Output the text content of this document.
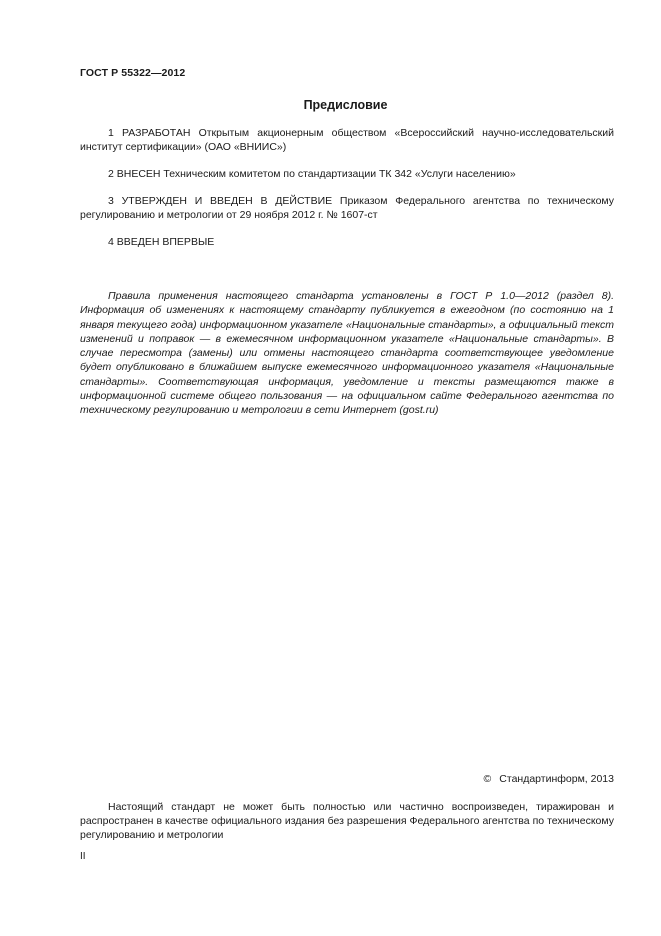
ГОСТ Р 55322—2012
Предисловие
1 РАЗРАБОТАН Открытым акционерным обществом «Всероссийский научно-исследовательский институт сертификации» (ОАО «ВНИИС»)
2 ВНЕСЕН Техническим комитетом по стандартизации ТК 342 «Услуги населению»
3 УТВЕРЖДЕН И ВВЕДЕН В ДЕЙСТВИЕ Приказом Федерального агентства по техническому регулированию и метрологии от 29 ноября 2012 г. № 1607-ст
4 ВВЕДЕН ВПЕРВЫЕ
Правила применения настоящего стандарта установлены в ГОСТ Р 1.0—2012 (раздел 8). Информация об изменениях к настоящему стандарту публикуется в ежегодном (по состоянию на 1 января текущего года) информационном указателе «Национальные стандарты», а официальный текст изменений и поправок — в ежемесячном информационном указателе «Национальные стандарты». В случае пересмотра (замены) или отмены настоящего стандарта соответствующее уведомление будет опубликовано в ближайшем выпуске ежемесячного информационного указателя «Национальные стандарты». Соответствующая информация, уведомление и тексты размещаются также в информационной системе общего пользования — на официальном сайте Федерального агентства по техническому регулированию и метрологии в сети Интернет (gost.ru)
© Стандартинформ, 2013
Настоящий стандарт не может быть полностью или частично воспроизведен, тиражирован и распространен в качестве официального издания без разрешения Федерального агентства по техническому регулированию и метрологии
II
